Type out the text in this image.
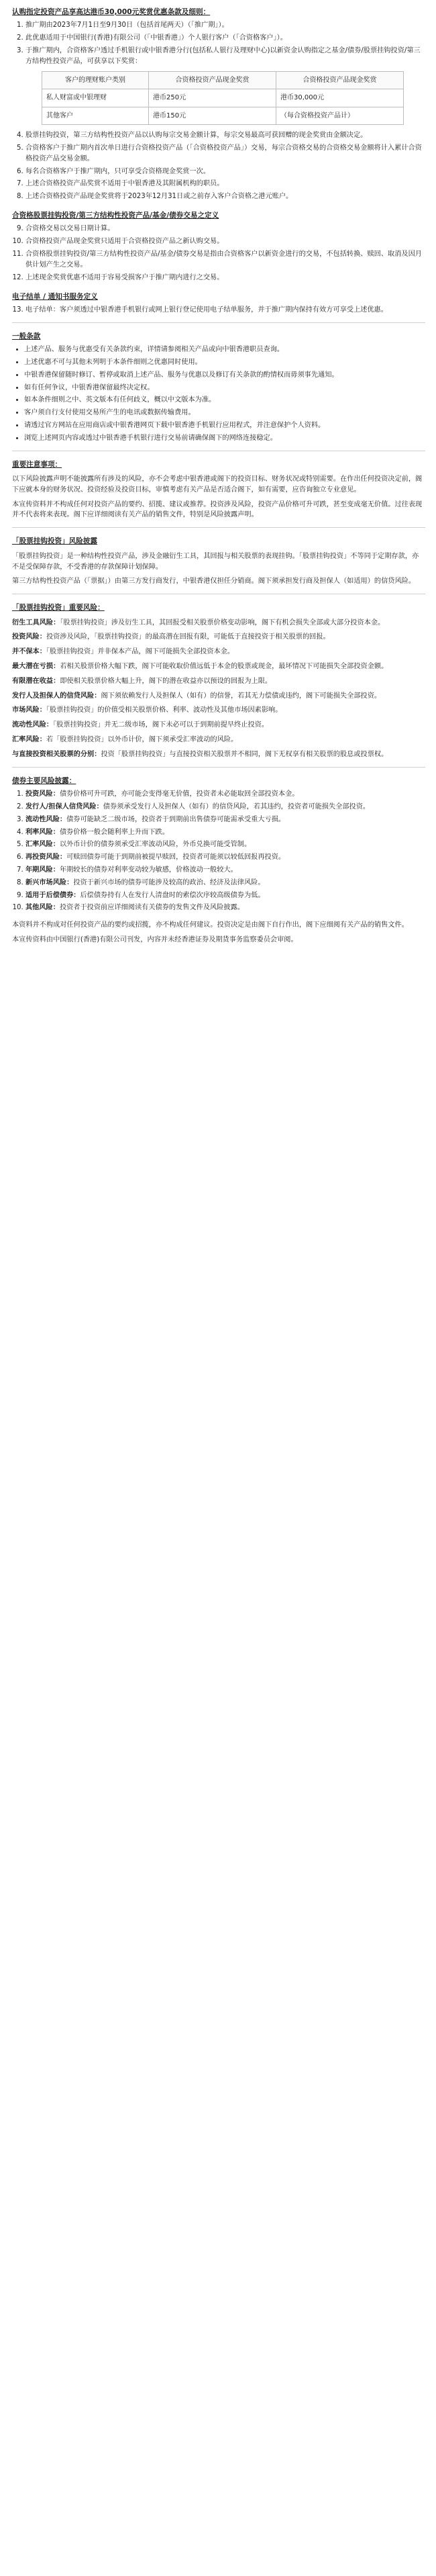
认购指定投资产品享高达港币30,000元奖赏优惠条款及细则：
1. 推广期由2023年7月1日至9月30日（包括首尾两天）（「推广期」）。
2. 此优惠适用于中国银行(香港)有限公司（「中银香港」）个人银行客户（「合资格客户」）。
3. 于推广期内，合资格客户透过手机银行或中银香港分行(包括私人银行及理财中心)以新资金认购指定之基金/债券/股票挂钩投资/第三方结构性投资产品，可获享以下奖赏：
客户的理财账户类别	合资格投资产品现金奖赏	合资格投资产品现金奖赏
私人财富或中银理财	港币250元	港币30,000元
其他客户	港币150元	（每合资格投资产品计）
4. 股票挂钩投资，第三方结构性投资产品以认购每宗交易金额计算，每宗交易最高可获回赠的现金奖赏由金额决定。
5. 合资格客户于推广期内首次单日进行合资格投资产品（「合资格投资产品」）交易，每宗合资格交易的合资格交易金额将计入累计合资格投资产品交易金额。
6. 每名合资格客户于推广期内，只可享受合资格现金奖赏一次。
7. 上述合资格投资产品奖赏不适用于中银香港及其附属机构的职员。
8. 上述合资格投资产品现金奖赏将于2023年12月31日或之前存入客户合资格之港元账户。
合资格股票挂钩投资/第三方结构性投资产品/基金/债券交易之定义
9. 合资格交易以交易日期计算。
10. 合资格投资产品现金奖赏只适用于合资格投资产品之新认购交易。
11. 合资格股票挂钩投资/第三方结构性投资产品/基金/债券交易是指由合资格客户以新资金进行的交易，不包括转换、赎回、取消及因月供计划产生之交易。
12. 上述现金奖赏优惠不适用于容易受损客户于推广期内进行之交易。
电子结单 / 通知书服务定义
13. 电子结单：客户须透过中银香港手机银行或网上银行登记使用电子结单服务，并于推广期内保持有效方可享受上述优惠。
一般条款
• 上述产品、服务与优惠受有关条款约束，详情请参阅相关产品或向中银香港职员查询。
• 上述优惠不可与其他未列明于本条件细则之优惠同时使用。
• 中银香港保留随时修订、暂停或取消上述产品、服务与优惠以及修订有关条款的酌情权而毋须事先通知。
• 如有任何争议，中银香港保留最终决定权。
• 如本条件细则之中、英文版本有任何歧义，概以中文版本为准。
• 客户须自行支付使用交易所产生的电讯或数据传输费用。
• 请透过官方网站在应用商店或中银香港网页下载中银香港手机银行应用程式，并注意保护个人资料。
• 浏览上述网页内容或透过中银香港手机银行进行交易前请确保阁下的网络连接稳定。
重要注意事项：

以下风险披露声明不能披露所有涉及的风险，亦不会考虑中银香港或阁下的投资目标、财务状况或特别需要。在作出任何投资决定前，阁下应就本身的财务状况、投资经验及投资目标，审慎考虑有关产品是否适合阁下，如有需要，应咨询独立专业意见。

本宣传资料并不构成任何对投资产品的要约、招揽、建议或推荐。投资涉及风险，投资产品价格可升可跌，甚至变成毫无价值。过往表现并不代表将来表现。阁下应详细阅读有关产品的销售文件，特别是风险披露声明。

「股票挂钩投资」风险披露

「股票挂钩投资」是一种结构性投资产品，涉及金融衍生工具，其回报与相关股票的表现挂钩。「股票挂钩投资」不等同于定期存款，亦不是受保障存款，不受香港的存款保障计划保障。

第三方结构性投资产品（「票据」）由第三方发行商发行，中银香港仅担任分销商。阁下须承担发行商及担保人（如适用）的信贷风险。

「股票挂钩投资」重要风险：
衍生工具风险：「股票挂钩投资」涉及衍生工具，其回报受相关股票价格变动影响，阁下有机会损失全部或大部分投资本金。
投资风险：投资涉及风险，「股票挂钩投资」的最高潜在回报有限，可能低于直接投资于相关股票的回报。
并不保本：「股票挂钩投资」并非保本产品，阁下可能损失全部投资本金。
最大潜在亏损：若相关股票价格大幅下跌，阁下可能收取价值远低于本金的股票或现金，最坏情况下可能损失全部投资金额。
有限潜在收益：即使相关股票价格大幅上升，阁下的潜在收益亦以预设的回报为上限。
发行人及担保人的信贷风险：阁下须依赖发行人及担保人（如有）的信誉，若其无力偿债或违约，阁下可能损失全部投资。
市场风险：「股票挂钩投资」的价值受相关股票价格、利率、波动性及其他市场因素影响。
流动性风险：「股票挂钩投资」并无二级市场，阁下未必可以于到期前提早终止投资。
汇率风险：若「股票挂钩投资」以外币计价，阁下须承受汇率波动的风险。
与直接投资相关股票的分别：投资「股票挂钩投资」与直接投资相关股票并不相同，阁下无权享有相关股票的股息或投票权。
债券主要风险披露：
1. 投资风险：债券价格可升可跌，亦可能会变得毫无价值，投资者未必能取回全部投资本金。
2. 发行人/担保人信贷风险：债券须承受发行人及担保人（如有）的信贷风险，若其违约，投资者可能损失全部投资。
3. 流动性风险：债券可能缺乏二级市场，投资者于到期前出售债券可能需承受重大亏损。
4. 利率风险：债券价格一般会随利率上升而下跌。
5. 汇率风险：以外币计价的债券须承受汇率波动风险，外币兑换可能受管制。
6. 再投资风险：可赎回债券可能于到期前被提早赎回，投资者可能须以较低回报再投资。
7. 年期风险：年期较长的债券对利率变动较为敏感，价格波动一般较大。
8. 新兴市场风险：投资于新兴市场的债券可能涉及较高的政治、经济及法律风险。
9. 适用于后偿债券：后偿债券持有人在发行人清盘时的索偿次序较高级债券为低。
10. 其他风险：投资者于投资前应详细阅读有关债券的发售文件及风险披露。

本资料并不构成对任何投资产品的要约或招揽，亦不构成任何建议。投资决定是由阁下自行作出，阁下应细阅有关产品的销售文件。

本宣传资料由中国银行(香港)有限公司刊发，内容并未经香港证券及期货事务监察委员会审阅。
